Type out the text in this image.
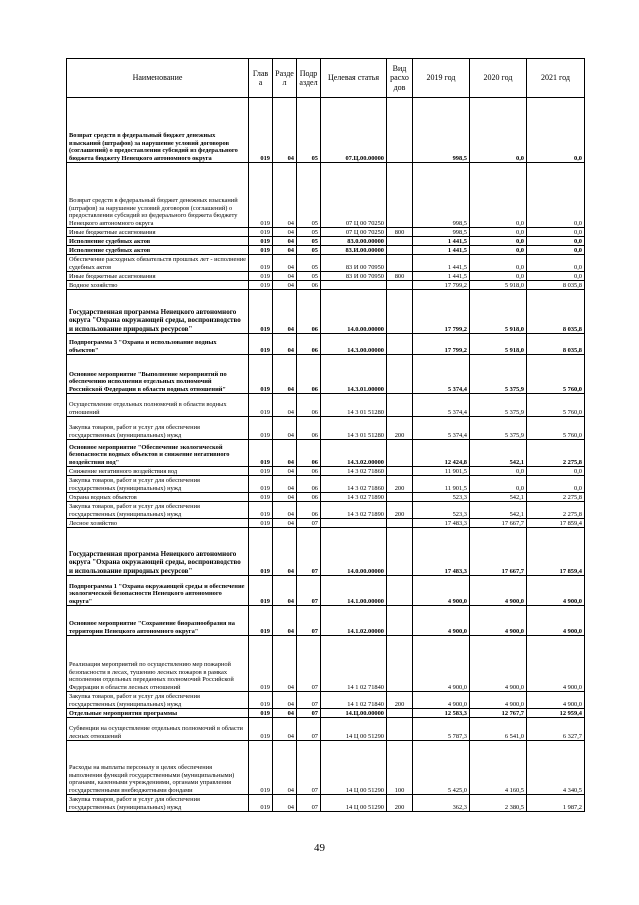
Наименование	Глав а	Разде л	Подр аздел	Целевая статья	Вид расхо дов	2019 год	2020 год	2021 год
Возврат средств в федеральный бюджет денежных взысканий (штрафов) за нарушение условий договоров (соглашений) о предоставлении субсидий из федерального бюджета бюджету Ненецкого автономного округа	019	04	05	07.Ц.00.00000		998,5	0,0	0,0
Возврат средств в федеральный бюджет денежных взысканий (штрафов) за нарушение условий договоров (соглашений) о предоставлении субсидий из федерального бюджета бюджету Ненецкого автономного округа	019	04	05	07 Ц 00 70250		998,5	0,0	0,0
Иные бюджетные ассигнования	019	04	05	07 Ц 00 70250	800	998,5	0,0	0,0
Исполнение судебных актов	019	04	05	83.0.00.00000		1 441,5	0,0	0,0
Исполнение судебных актов	019	04	05	83.И.00.00000		1 441,5	0,0	0,0
Обеспечение расходных обязательств прошлых лет - исполнение судебных актов	019	04	05	83 И 00 70950		1 441,5	0,0	0,0
Иные бюджетные ассигнования	019	04	05	83 И 00 70950	800	1 441,5	0,0	0,0
Водное хозяйство	019	04	06			17 799,2	5 918,0	8 035,8
Государственная программа Ненецкого автономного округа "Охрана окружающей среды, воспроизводство и использование природных ресурсов"	019	04	06	14.0.00.00000		17 799,2	5 918,0	8 035,8
Подпрограмма 3 "Охрана и использование водных объектов"	019	04	06	14.3.00.00000		17 799,2	5 918,0	8 035,8
Основное мероприятие "Выполнение мероприятий по обеспечению исполнения отдельных полномочий Российской Федерации в области водных отношений"	019	04	06	14.3.01.00000		5 374,4	5 375,9	5 760,0
Осуществление отдельных полномочий в области водных отношений	019	04	06	14 3 01 51280		5 374,4	5 375,9	5 760,0
Закупка товаров, работ и услуг для обеспечения государственных (муниципальных) нужд	019	04	06	14 3 01 51280	200	5 374,4	5 375,9	5 760,0
Основное мероприятие "Обеспечение экологической безопасности водных объектов и снижение негативного воздействия вод"	019	04	06	14.3.02.00000		12 424,8	542,1	2 275,8
Снижение негативного воздействия вод	019	04	06	14 3 02 71860		11 901,5	0,0	0,0
Закупка товаров, работ и услуг для обеспечения государственных (муниципальных) нужд	019	04	06	14 3 02 71860	200	11 901,5	0,0	0,0
Охрана водных объектов	019	04	06	14 3 02 71890		523,3	542,1	2 275,8
Закупка товаров, работ и услуг для обеспечения государственных (муниципальных) нужд	019	04	06	14 3 02 71890	200	523,3	542,1	2 275,8
Лесное хозяйство	019	04	07			17 483,3	17 667,7	17 859,4
Государственная программа Ненецкого автономного округа "Охрана окружающей среды, воспроизводство и использование природных ресурсов"	019	04	07	14.0.00.00000		17 483,3	17 667,7	17 859,4
Подпрограмма 1 "Охрана окружающей среды и обеспечение экологической безопасности Ненецкого автономного округа"	019	04	07	14.1.00.00000		4 900,0	4 900,0	4 900,0
Основное мероприятие "Сохранение биоразнообразия на территории Ненецкого автономного округа"	019	04	07	14.1.02.00000		4 900,0	4 900,0	4 900,0
Реализация мероприятий по осуществлению мер пожарной безопасности в лесах, тушению лесных пожаров в рамках исполнения отдельных переданных полномочий Российской Федерации в области лесных отношений	019	04	07	14 1 02 71840		4 900,0	4 900,0	4 900,0
Закупка товаров, работ и услуг для обеспечения государственных (муниципальных) нужд	019	04	07	14 1 02 71840	200	4 900,0	4 900,0	4 900,0
Отдельные мероприятия программы	019	04	07	14.Ц.00.00000		12 583,3	12 767,7	12 959,4
Субвенции на осуществление отдельных полномочий в области лесных отношений	019	04	07	14 Ц 00 51290		5 787,3	6 541,0	6 327,7
Расходы на выплаты персоналу в целях обеспечения выполнения функций государственными (муниципальными) органами, казенными учреждениями, органами управления государственными внебюджетными фондами	019	04	07	14 Ц 00 51290	100	5 425,0	4 160,5	4 340,5
Закупка товаров, работ и услуг для обеспечения государственных (муниципальных) нужд	019	04	07	14 Ц 00 51290	200	362,3	2 380,5	1 987,2
49
